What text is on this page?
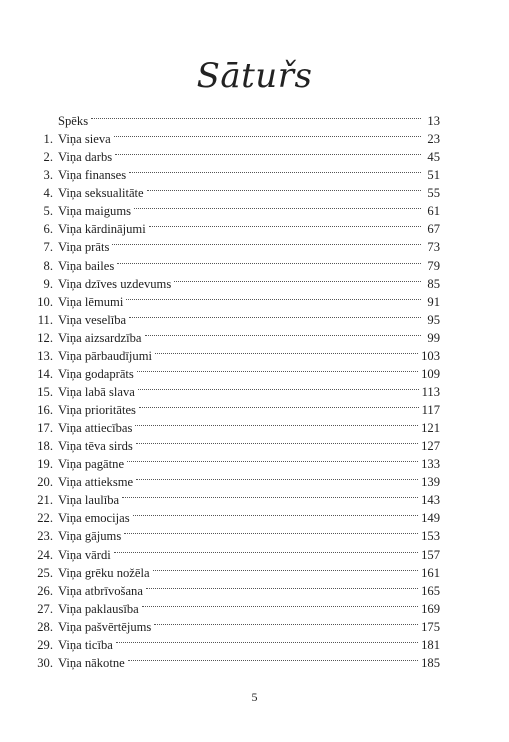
Sātuřs
Spēks	13
1. Viņa sieva	23
2. Viņa darbs	45
3. Viņa finanses	51
4. Viņa seksualitāte	55
5. Viņa maigums	61
6. Viņa kārdinājumi	67
7. Viņa prāts	73
8. Viņa bailes	79
9. Viņa dzīves uzdevums	85
10. Viņa lēmumi	91
11. Viņa veselība	95
12. Viņa aizsardzība	99
13. Viņa pārbaudījumi	103
14. Viņa godaprāts	109
15. Viņa labā slava	113
16. Viņa prioritātes	117
17. Viņa attiecības	121
18. Viņa tēva sirds	127
19. Viņa pagātne	133
20. Viņa attieksme	139
21. Viņa laulība	143
22. Viņa emocijas	149
23. Viņa gājums	153
24. Viņa vārdi	157
25. Viņa grēku nožēla	161
26. Viņa atbrīvošana	165
27. Viņa paklausība	169
28. Viņa pašvērtējums	175
29. Viņa ticība	181
30. Viņa nākotne	185
5
